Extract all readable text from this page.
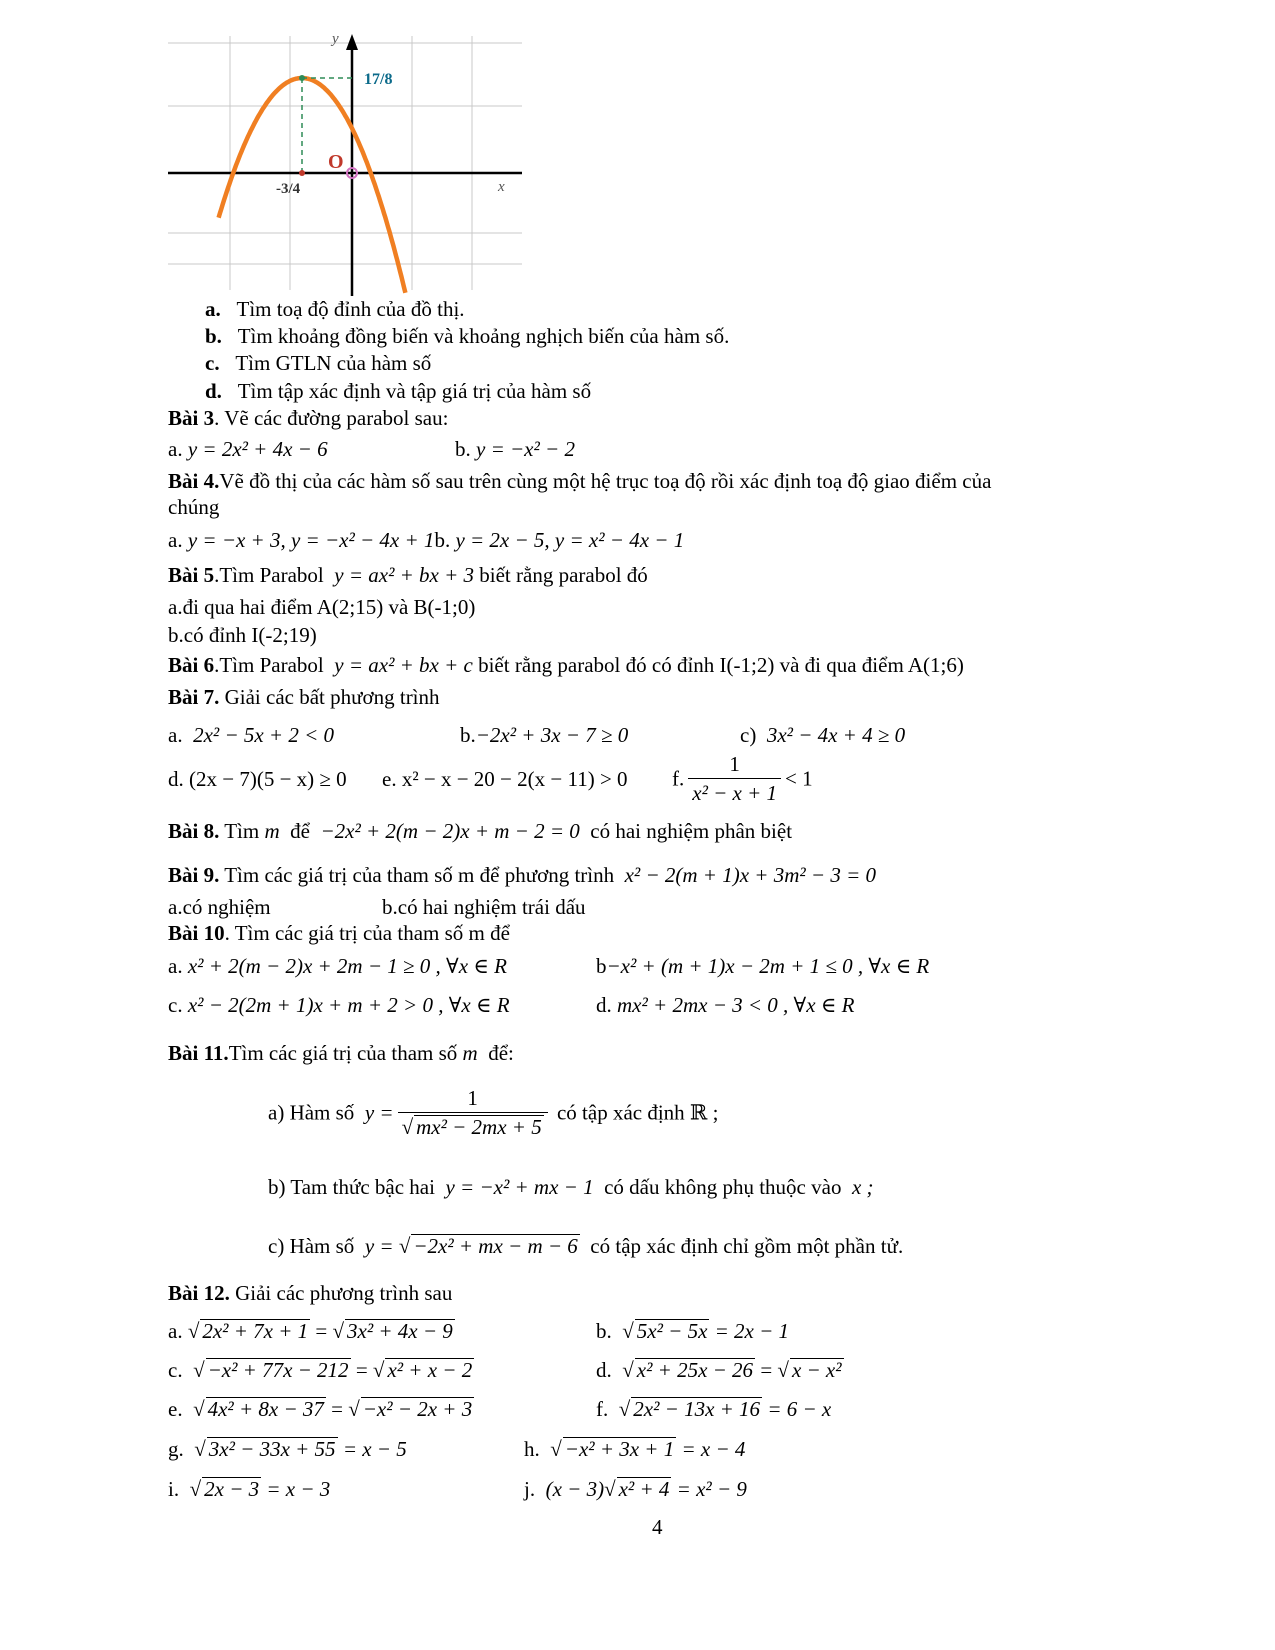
y
x
17/8
-3/4
O
a. Tìm toạ độ đỉnh của đồ thị.
b. Tìm khoảng đồng biến và khoảng nghịch biến của hàm số.
c. Tìm GTLN của hàm số
d. Tìm tập xác định và tập giá trị của hàm số
Bài 3. Vẽ các đường parabol sau:
a. y = 2x² + 4x − 6	b. y = −x² − 2
Bài 4.Vẽ đồ thị của các hàm số sau trên cùng một hệ trục toạ độ rồi xác định toạ độ giao điểm của
chúng
a. y = −x + 3, y = −x² − 4x + 1b. y = 2x − 5, y = x² − 4x − 1
Bài 5.Tìm Parabol y = ax² + bx + 3 biết rằng parabol đó
a.đi qua hai điểm A(2;15) và B(-1;0)
b.có đỉnh I(-2;19)
Bài 6.Tìm Parabol y = ax² + bx + c biết rằng parabol đó có đỉnh I(-1;2) và đi qua điểm A(1;6)
Bài 7. Giải các bất phương trình
a. 2x² − 5x + 2 < 0	b.−2x² + 3x − 7 ≥ 0	c) 3x² − 4x + 4 ≥ 0
d. (2x − 7)(5 − x) ≥ 0 e. x² − x − 20 − 2(x − 11) > 0 f. $\frac{1}{\text{x² − x + 1}} < 1$
Bài 8. Tìm m để −2x² + 2(m − 2)x + m − 2 = 0 có hai nghiệm phân biệt
Bài 9. Tìm các giá trị của tham số m để phương trình x² − 2(m + 1)x + 3m² − 3 = 0
a.có nghiệm	b.có hai nghiệm trái dấu
Bài 10. Tìm các giá trị của tham số m để
a. x² + 2(m − 2)x + 2m − 1 ≥ 0 , ∀x ∈ R	b−x² + (m + 1)x − 2m + 1 ≤ 0 , ∀x ∈ R
c. x² − 2(2m + 1)x + m + 2 > 0 , ∀x ∈ R	d. mx² + 2mx − 3 < 0 , ∀x ∈ R
Bài 11.Tìm các giá trị của tham số m để:
a) Hàm số $y = \frac{1}{\text{√ mx² − 2mx + 5}}$ có tập xác định ℝ ;
b) Tam thức bậc hai y = −x² + mx − 1 có dấu không phụ thuộc vào x ;
c) Hàm số y = √ −2x² + mx − m − 6 có tập xác định chỉ gồm một phần tử.
Bài 12. Giải các phương trình sau
a. √ 2x² + 7x + 1 = √ 3x² + 4x − 9	b. √ 5x² − 5x = 2x − 1
c. √ −x² + 77x − 212 = √ x² + x − 2	d. √ x² + 25x − 26 = √ x − x²
e. √ 4x² + 8x − 37 = √ −x² − 2x + 3	f. √ 2x² − 13x + 16 = 6 − x
g. √ 3x² − 33x + 55 = x − 5	h. √ −x² + 3x + 1 = x − 4
i. √ 2x − 3 = x − 3	j. (x − 3)√ x² + 4 = x² − 9
4
